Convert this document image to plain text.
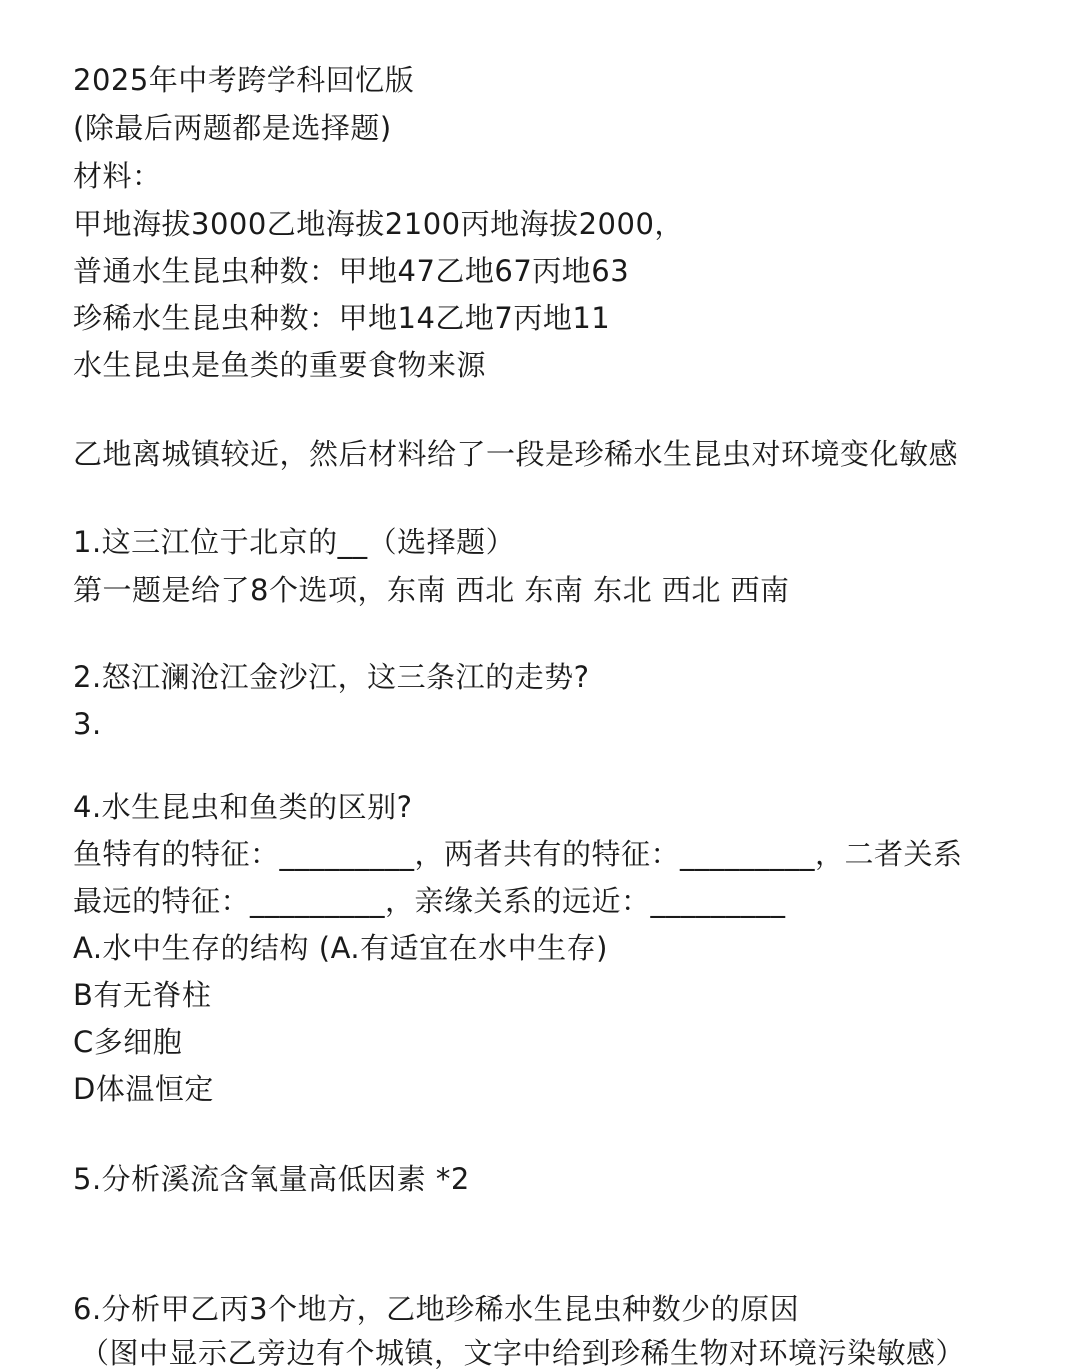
2025年中考跨学科回忆版
(除最后两题都是选择题)
材料：
甲地海拔3000乙地海拔2100丙地海拔2000，
普通水生昆虫种数：甲地47乙地67丙地63
珍稀水生昆虫种数：甲地14乙地7丙地11
水生昆虫是鱼类的重要食物来源
乙地离城镇较近，然后材料给了一段是珍稀水生昆虫对环境变化敏感
1.这三江位于北京的__（选择题）
第一题是给了8个选项，东南 西北 东南 东北 西北 西南
2.怒江澜沧江金沙江，这三条江的走势?
3.
4.水生昆虫和鱼类的区别?
鱼特有的特征：_________，两者共有的特征：_________，二者关系
最远的特征：_________，亲缘关系的远近：_________
A.水中生存的结构 (A.有适宜在水中生存)
B有无脊柱
C多细胞
D体温恒定
5.分析溪流含氧量高低因素 *2
6.分析甲乙丙3个地方，乙地珍稀水生昆虫种数少的原因
（图中显示乙旁边有个城镇，文字中给到珍稀生物对环境污染敏感）
